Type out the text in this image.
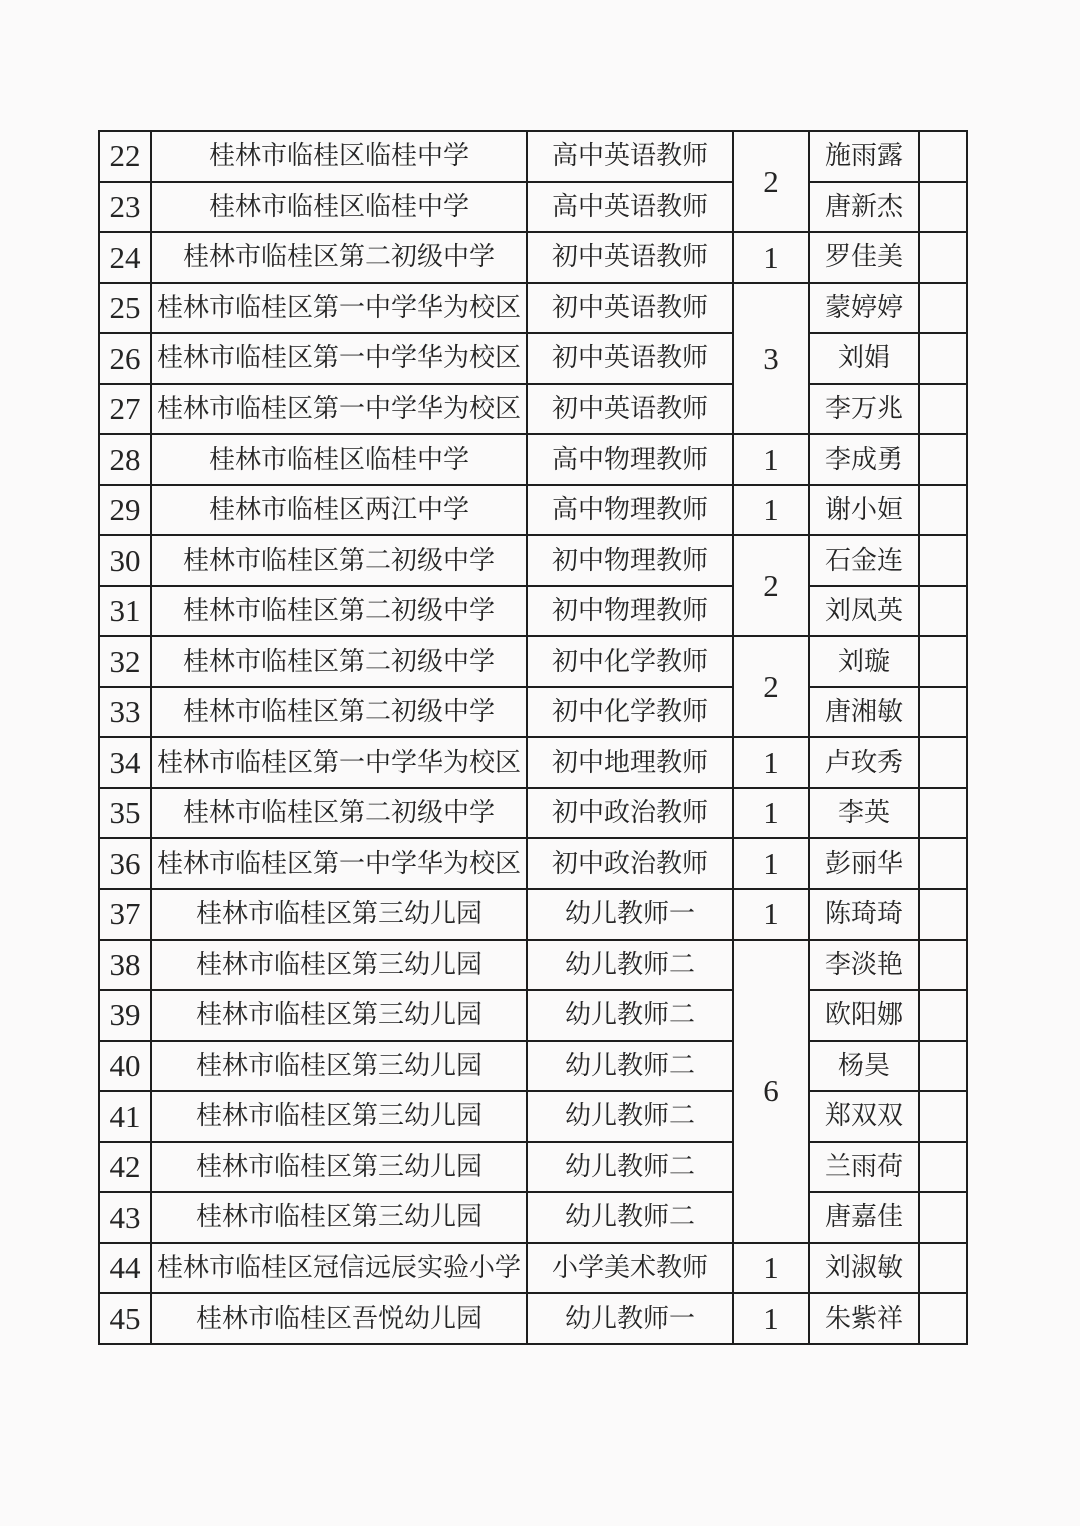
22	桂林市临桂区临桂中学	高中英语教师	2	施雨露	
23	桂林市临桂区临桂中学	高中英语教师		唐新杰	
24	桂林市临桂区第二初级中学	初中英语教师	1	罗佳美	
25	桂林市临桂区第一中学华为校区	初中英语教师	3	蒙婷婷	
26	桂林市临桂区第一中学华为校区	初中英语教师		刘娟	
27	桂林市临桂区第一中学华为校区	初中英语教师		李万兆	
28	桂林市临桂区临桂中学	高中物理教师	1	李成勇	
29	桂林市临桂区两江中学	高中物理教师	1	谢小姮	
30	桂林市临桂区第二初级中学	初中物理教师	2	石金连	
31	桂林市临桂区第二初级中学	初中物理教师		刘凤英	
32	桂林市临桂区第二初级中学	初中化学教师	2	刘璇	
33	桂林市临桂区第二初级中学	初中化学教师		唐湘敏	
34	桂林市临桂区第一中学华为校区	初中地理教师	1	卢玫秀	
35	桂林市临桂区第二初级中学	初中政治教师	1	李英	
36	桂林市临桂区第一中学华为校区	初中政治教师	1	彭丽华	
37	桂林市临桂区第三幼儿园	幼儿教师一	1	陈琦琦	
38	桂林市临桂区第三幼儿园	幼儿教师二	6	李淡艳	
39	桂林市临桂区第三幼儿园	幼儿教师二		欧阳娜	
40	桂林市临桂区第三幼儿园	幼儿教师二		杨昊	
41	桂林市临桂区第三幼儿园	幼儿教师二		郑双双	
42	桂林市临桂区第三幼儿园	幼儿教师二		兰雨荷	
43	桂林市临桂区第三幼儿园	幼儿教师二		唐嘉佳	
44	桂林市临桂区冠信远辰实验小学	小学美术教师	1	刘淑敏	
45	桂林市临桂区吾悦幼儿园	幼儿教师一	1	朱紫祥	
